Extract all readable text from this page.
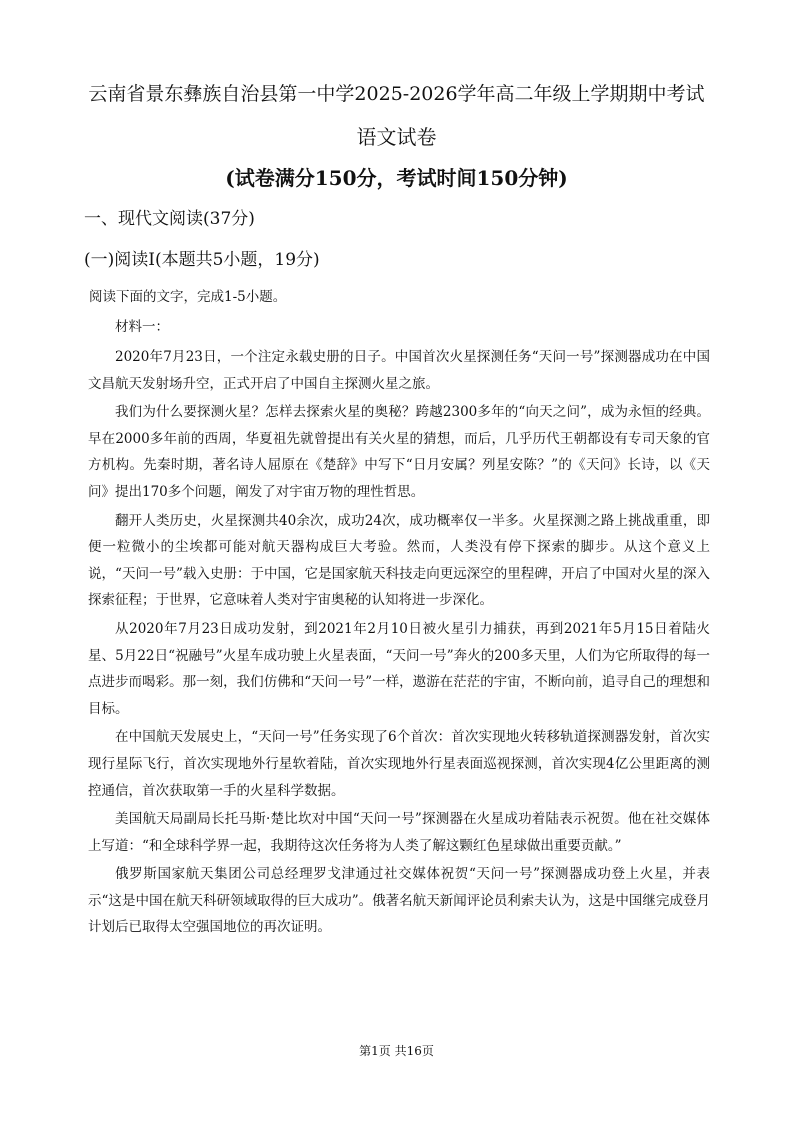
云南省景东彝族自治县第一中学2025-2026学年高二年级上学期期中考试
语文试卷
(试卷满分150分，考试时间150分钟)
一、现代文阅读(37分)
(一)阅读I(本题共5小题，19分)
阅读下面的文字，完成1-5小题。
材料一：

2020年7月23日，一个注定永载史册的日子。中国首次火星探测任务“天问一号”探测器成功在中国文昌航天发射场升空，正式开启了中国自主探测火星之旅。

我们为什么要探测火星？怎样去探索火星的奥秘？跨越2300多年的“向天之问”，成为永恒的经典。早在2000多年前的西周，华夏祖先就曾提出有关火星的猜想，而后，几乎历代王朝都设有专司天象的官方机构。先秦时期，著名诗人屈原在《楚辞》中写下“日月安属？列星安陈？”的《天问》长诗，以《天问》提出170多个问题，阐发了对宇宙万物的理性哲思。

翻开人类历史，火星探测共40余次，成功24次，成功概率仅一半多。火星探测之路上挑战重重，即便一粒微小的尘埃都可能对航天器构成巨大考验。然而，人类没有停下探索的脚步。从这个意义上说，“天问一号”载入史册：于中国，它是国家航天科技走向更远深空的里程碑，开启了中国对火星的深入探索征程；于世界，它意味着人类对宇宙奥秘的认知将进一步深化。

从2020年7月23日成功发射，到2021年2月10日被火星引力捕获，再到2021年5月15日着陆火星、5月22日“祝融号”火星车成功驶上火星表面，“天问一号”奔火的200多天里，人们为它所取得的每一点进步而喝彩。那一刻，我们仿佛和“天问一号”一样，遨游在茫茫的宇宙，不断向前，追寻自己的理想和目标。

在中国航天发展史上，“天问一号”任务实现了6个首次：首次实现地火转移轨道探测器发射，首次实现行星际飞行，首次实现地外行星软着陆，首次实现地外行星表面巡视探测，首次实现4亿公里距离的测控通信，首次获取第一手的火星科学数据。

美国航天局副局长托马斯·楚比坎对中国“天问一号”探测器在火星成功着陆表示祝贺。他在社交媒体上写道：“和全球科学界一起，我期待这次任务将为人类了解这颗红色星球做出重要贡献。”

俄罗斯国家航天集团公司总经理罗戈津通过社交媒体祝贺“天问一号”探测器成功登上火星，并表示“这是中国在航天科研领域取得的巨大成功”。俄著名航天新闻评论员利索夫认为，这是中国继完成登月计划后已取得太空强国地位的再次证明。

第1页 共16页
